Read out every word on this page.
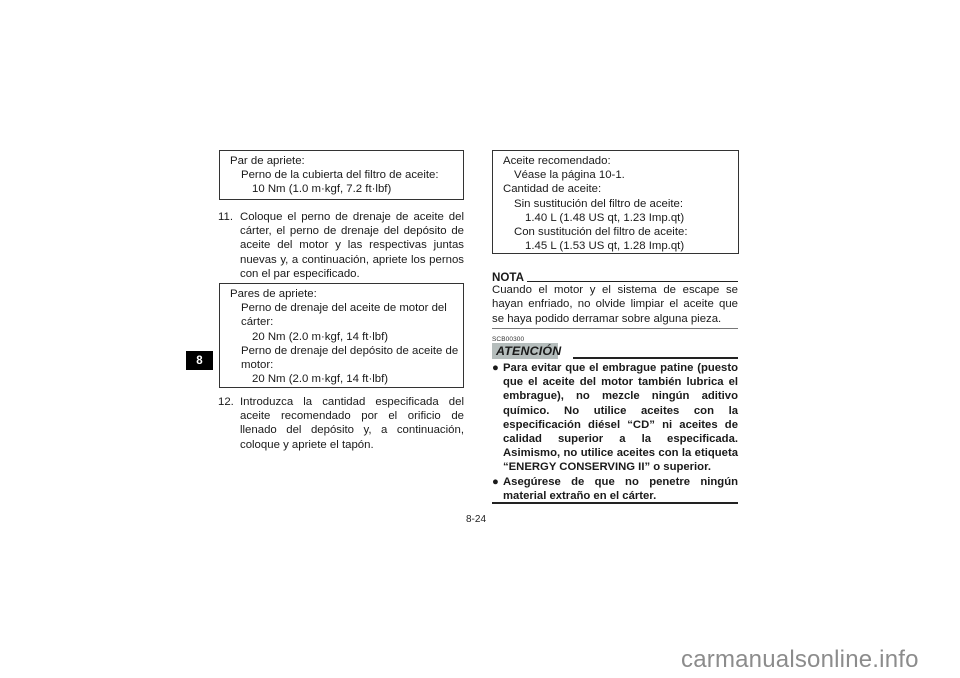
8
Par de apriete:
Perno de la cubierta del filtro de aceite:
10 Nm (1.0 m·kgf, 7.2 ft·lbf)
11. Coloque el perno de drenaje de aceite del cárter, el perno de drenaje del depósito de aceite del motor y las respectivas juntas nuevas y, a continuación, apriete los pernos con el par especificado.
Pares de apriete:
Perno de drenaje del aceite de motor del
cárter:
20 Nm (2.0 m·kgf, 14 ft·lbf)
Perno de drenaje del depósito de aceite de
motor:
20 Nm (2.0 m·kgf, 14 ft·lbf)
12. Introduzca la cantidad especificada del aceite recomendado por el orificio de llenado del depósito y, a continuación, coloque y apriete el tapón.
Aceite recomendado:
Véase la página 10-1.
Cantidad de aceite:
Sin sustitución del filtro de aceite:
1.40 L (1.48 US qt, 1.23 Imp.qt)
Con sustitución del filtro de aceite:
1.45 L (1.53 US qt, 1.28 Imp.qt)
NOTA
Cuando el motor y el sistema de escape se hayan enfriado, no olvide limpiar el aceite que se haya podido derramar sobre alguna pieza.
SCB00300
ATENCIÓN
● Para evitar que el embrague patine (puesto que el aceite del motor también lubrica el embrague), no mezcle ningún aditivo químico. No utilice aceites con la especificación diésel “CD” ni aceites de calidad superior a la especificada. Asimismo, no utilice aceites con la etiqueta “ENERGY CONSERVING II” o superior.
● Asegúrese de que no penetre ningún material extraño en el cárter.
8-24
carmanualsonline.info
